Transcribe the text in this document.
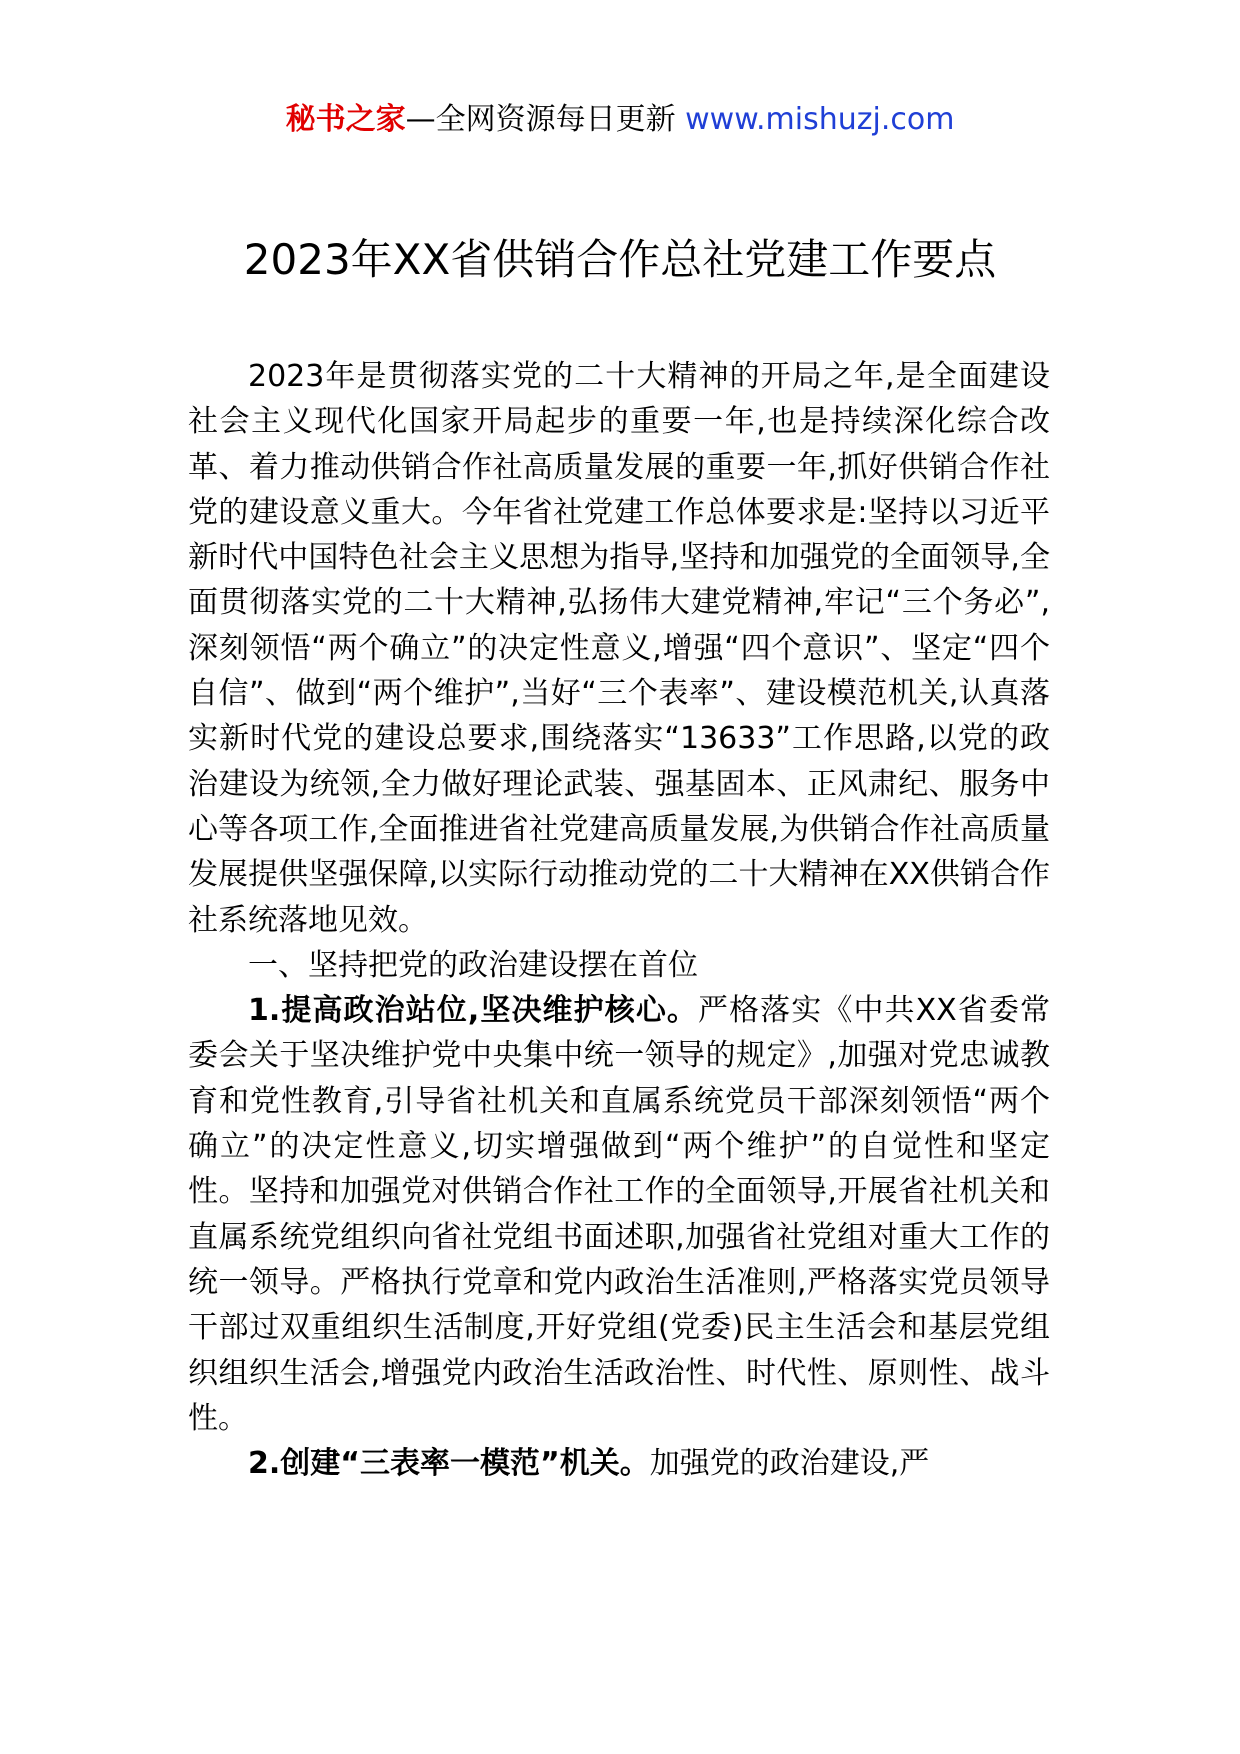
秘书之家—全网资源每日更新 www.mishuzj.com
2023年XX省供销合作总社党建工作要点

2023年是贯彻落实党的二十大精神的开局之年,是全面建设社会主义现代化国家开局起步的重要一年,也是持续深化综合改革、着力推动供销合作社高质量发展的重要一年,抓好供销合作社党的建设意义重大。今年省社党建工作总体要求是:坚持以习近平新时代中国特色社会主义思想为指导,坚持和加强党的全面领导,全面贯彻落实党的二十大精神,弘扬伟大建党精神,牢记“三个务必”,深刻领悟“两个确立”的决定性意义,增强“四个意识”、坚定“四个自信”、做到“两个维护”,当好“三个表率”、建设模范机关,认真落实新时代党的建设总要求,围绕落实“13633”工作思路,以党的政治建设为统领,全力做好理论武装、强基固本、正风肃纪、服务中心等各项工作,全面推进省社党建高质量发展,为供销合作社高质量发展提供坚强保障,以实际行动推动党的二十大精神在XX供销合作社系统落地见效。

一、坚持把党的政治建设摆在首位

1.提高政治站位,坚决维护核心。严格落实《中共XX省委常委会关于坚决维护党中央集中统一领导的规定》,加强对党忠诚教育和党性教育,引导省社机关和直属系统党员干部深刻领悟“两个确立”的决定性意义,切实增强做到“两个维护”的自觉性和坚定性。坚持和加强党对供销合作社工作的全面领导,开展省社机关和直属系统党组织向省社党组书面述职,加强省社党组对重大工作的统一领导。严格执行党章和党内政治生活准则,严格落实党员领导干部过双重组织生活制度,开好党组(党委)民主生活会和基层党组织组织生活会,增强党内政治生活政治性、时代性、原则性、战斗性。

2.创建“三表率一模范”机关。加强党的政治建设,严
